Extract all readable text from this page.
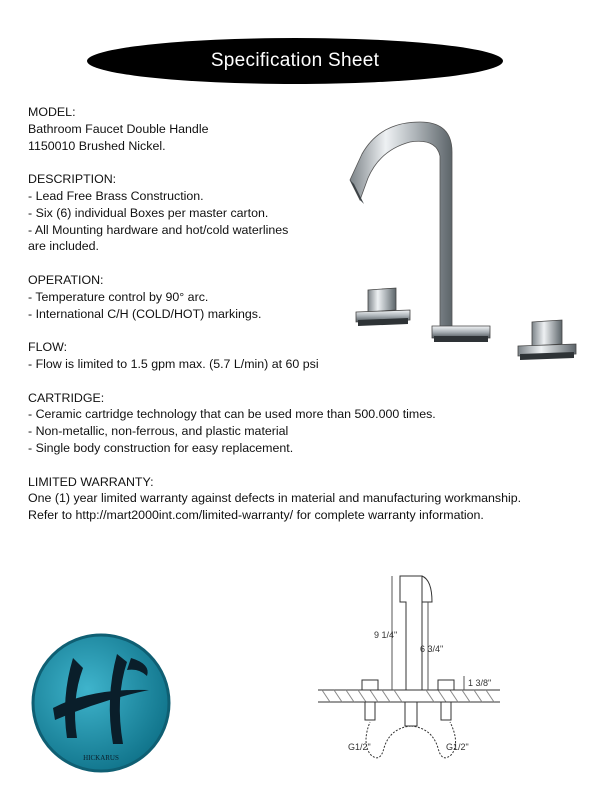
Specification Sheet

MODEL:

Bathroom Faucet Double Handle

1150010 Brushed Nickel.

DESCRIPTION:

- Lead Free Brass Construction.

- Six (6) individual Boxes per master carton.

- All Mounting hardware and hot/cold waterlines

are included.

OPERATION:

- Temperature control by 90° arc.

- International C/H (COLD/HOT) markings.

FLOW:

- Flow is limited to 1.5 gpm max. (5.7 L/min) at 60 psi

CARTRIDGE:

- Ceramic cartridge technology that can be used more than 500.000 times.

- Non-metallic, non-ferrous, and plastic material

- Single body construction for easy replacement.

LIMITED WARRANTY:

One (1) year limited warranty against defects in material and manufacturing workmanship.

Refer to http://mart2000int.com/limited-warranty/ for complete warranty information.

HICKARUS
9 1/4"
6 3/4"
1 3/8"
G1/2"	G1/2"
